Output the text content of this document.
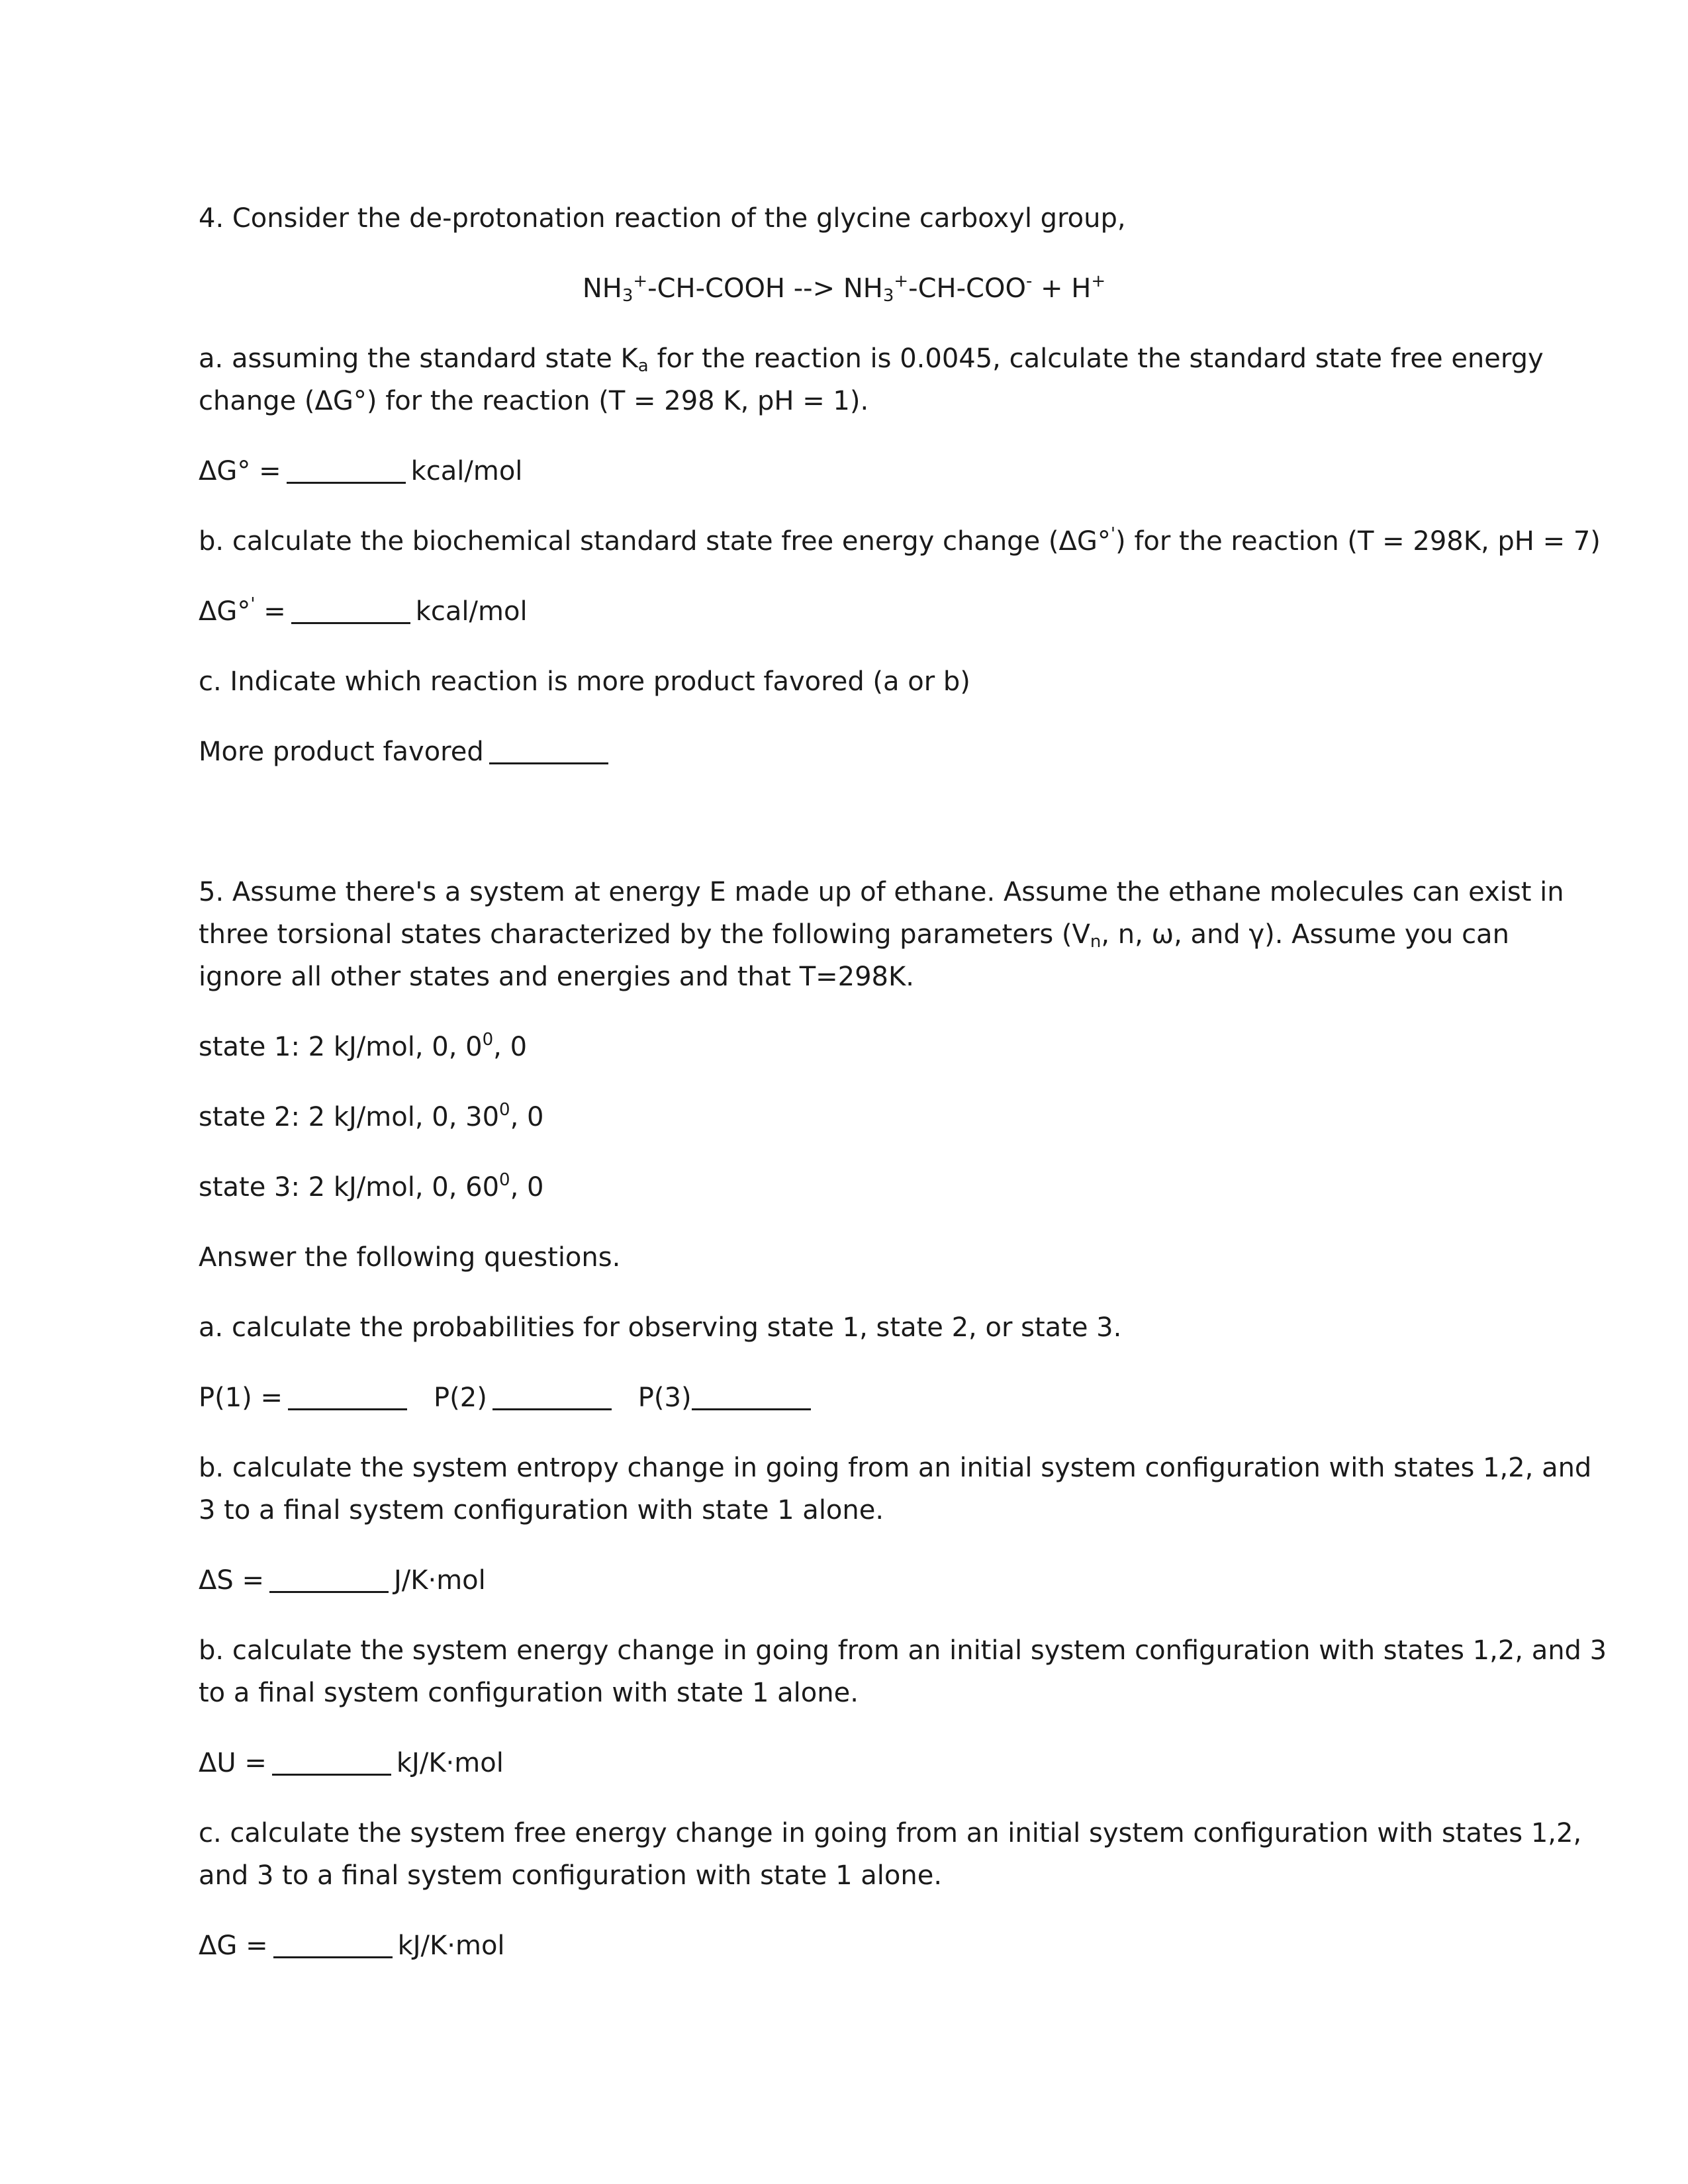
4. Consider the de-protonation reaction of the glycine carboxyl group,
$NH_3^+-CH$-COOH --> $NH_3^+-CH-COO^- + H^+$
a. assuming the standard state $K_a$ for the reaction is 0.0045, calculate the standard state free energy
change (ΔG°) for the reaction (T = 298 K, pH = 1).
ΔG° =	kcal/mol
b. calculate the biochemical standard state free energy change (ΔG°') for the reaction (T = 298K, pH = 7)
ΔG°' =	kcal/mol
c. Indicate which reaction is more product favored (a or b)
More product favored
5. Assume there's a system at energy E made up of ethane. Assume the ethane molecules can exist in
three torsional states characterized by the following parameters ($V_n$, n, ω, and γ). Assume you can
ignore all other states and energies and that T=298K.
state 1: 2 kJ/mol, 0, $0^0$, 0
state 2: 2 kJ/mol, 0, $30^0$, 0
state 3: 2 kJ/mol, 0, $60^0$, 0
Answer the following questions.
a. calculate the probabilities for observing state 1, state 2, or state 3.
P(1) =	P(2)	P(3)
b. calculate the system entropy change in going from an initial system configuration with states 1,2, and
3 to a final system configuration with state 1 alone.
ΔS =	J/K·mol
b. calculate the system energy change in going from an initial system configuration with states 1,2, and 3
to a final system configuration with state 1 alone.
ΔU =	kJ/K·mol
c. calculate the system free energy change in going from an initial system configuration with states 1,2,
and 3 to a final system configuration with state 1 alone.
ΔG =	kJ/K·mol
